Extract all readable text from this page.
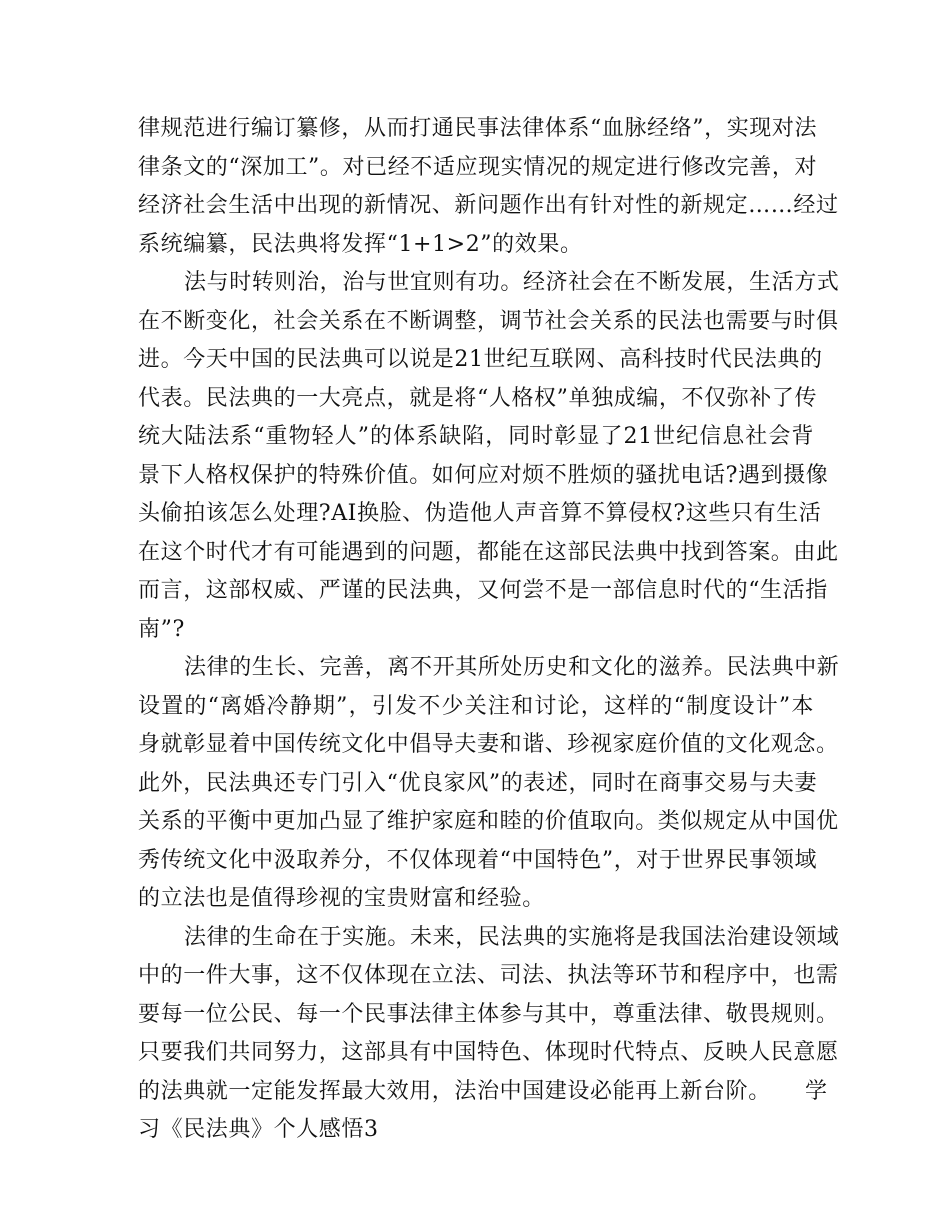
律规范进行编订纂修，从而打通民事法律体系“血脉经络”，实现对法
律条文的“深加工”。对已经不适应现实情况的规定进行修改完善，对
经济社会生活中出现的新情况、新问题作出有针对性的新规定……经过
系统编纂，民法典将发挥“1+1>2”的效果。
法与时转则治，治与世宜则有功。经济社会在不断发展，生活方式
在不断变化，社会关系在不断调整，调节社会关系的民法也需要与时俱
进。今天中国的民法典可以说是21世纪互联网、高科技时代民法典的
代表。民法典的一大亮点，就是将“人格权”单独成编，不仅弥补了传
统大陆法系“重物轻人”的体系缺陷，同时彰显了21世纪信息社会背
景下人格权保护的特殊价值。如何应对烦不胜烦的骚扰电话?遇到摄像
头偷拍该怎么处理?AI换脸、伪造他人声音算不算侵权?这些只有生活
在这个时代才有可能遇到的问题，都能在这部民法典中找到答案。由此
而言，这部权威、严谨的民法典，又何尝不是一部信息时代的“生活指
南”?
法律的生长、完善，离不开其所处历史和文化的滋养。民法典中新
设置的“离婚冷静期”，引发不少关注和讨论，这样的“制度设计”本
身就彰显着中国传统文化中倡导夫妻和谐、珍视家庭价值的文化观念。
此外，民法典还专门引入“优良家风”的表述，同时在商事交易与夫妻
关系的平衡中更加凸显了维护家庭和睦的价值取向。类似规定从中国优
秀传统文化中汲取养分，不仅体现着“中国特色”，对于世界民事领域
的立法也是值得珍视的宝贵财富和经验。
法律的生命在于实施。未来，民法典的实施将是我国法治建设领域
中的一件大事，这不仅体现在立法、司法、执法等环节和程序中，也需
要每一位公民、每一个民事法律主体参与其中，尊重法律、敬畏规则。
只要我们共同努力，这部具有中国特色、体现时代特点、反映人民意愿
的法典就一定能发挥最大效用，法治中国建设必能再上新台阶。　　学
习《民法典》个人感悟3
